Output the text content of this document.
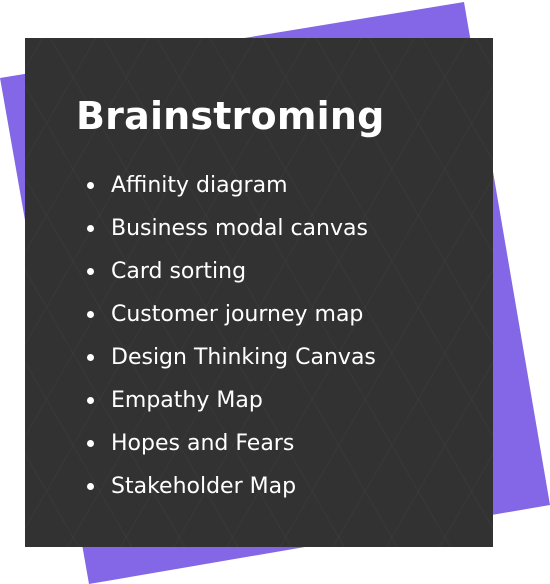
Brainstroming
Affinity diagram
Business modal canvas
Card sorting
Customer journey map
Design Thinking Canvas
Empathy Map
Hopes and Fears
Stakeholder Map
